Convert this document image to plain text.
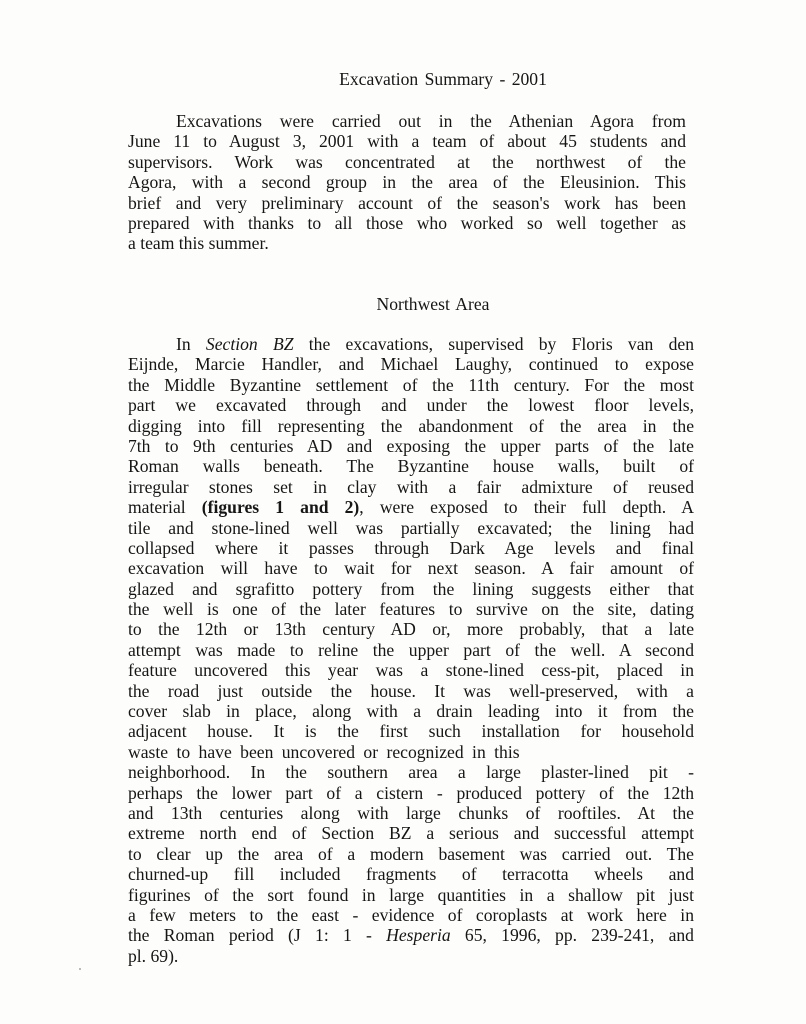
Excavation Summary - 2001
Excavations were carried out in the Athenian Agora from
June 11 to August 3, 2001 with a team of about 45 students and
supervisors. Work was concentrated at the northwest of the
Agora, with a second group in the area of the Eleusinion. This
brief and very preliminary account of the season's work has been
prepared with thanks to all those who worked so well together as
a team this summer.
Northwest Area
In Section BZ the excavations, supervised by Floris van den
Eijnde, Marcie Handler, and Michael Laughy, continued to expose
the Middle Byzantine settlement of the 11th century. For the most
part we excavated through and under the lowest floor levels,
digging into fill representing the abandonment of the area in the
7th to 9th centuries AD and exposing the upper parts of the late
Roman walls beneath. The Byzantine house walls, built of
irregular stones set in clay with a fair admixture of reused
material (figures 1 and 2), were exposed to their full depth. A
tile and stone-lined well was partially excavated; the lining had
collapsed where it passes through Dark Age levels and final
excavation will have to wait for next season. A fair amount of
glazed and sgrafitto pottery from the lining suggests either that
the well is one of the later features to survive on the site, dating
to the 12th or 13th century AD or, more probably, that a late
attempt was made to reline the upper part of the well. A second
feature uncovered this year was a stone-lined cess-pit, placed in
the road just outside the house. It was well-preserved, with a
cover slab in place, along with a drain leading into it from the
adjacent house. It is the first such installation for household
waste to have been uncovered or recognized in this
neighborhood. In the southern area a large plaster-lined pit -
perhaps the lower part of a cistern - produced pottery of the 12th
and 13th centuries along with large chunks of rooftiles. At the
extreme north end of Section BZ a serious and successful attempt
to clear up the area of a modern basement was carried out. The
churned-up fill included fragments of terracotta wheels and
figurines of the sort found in large quantities in a shallow pit just
a few meters to the east - evidence of coroplasts at work here in
the Roman period (J 1: 1 - Hesperia 65, 1996, pp. 239-241, and
pl. 69).
